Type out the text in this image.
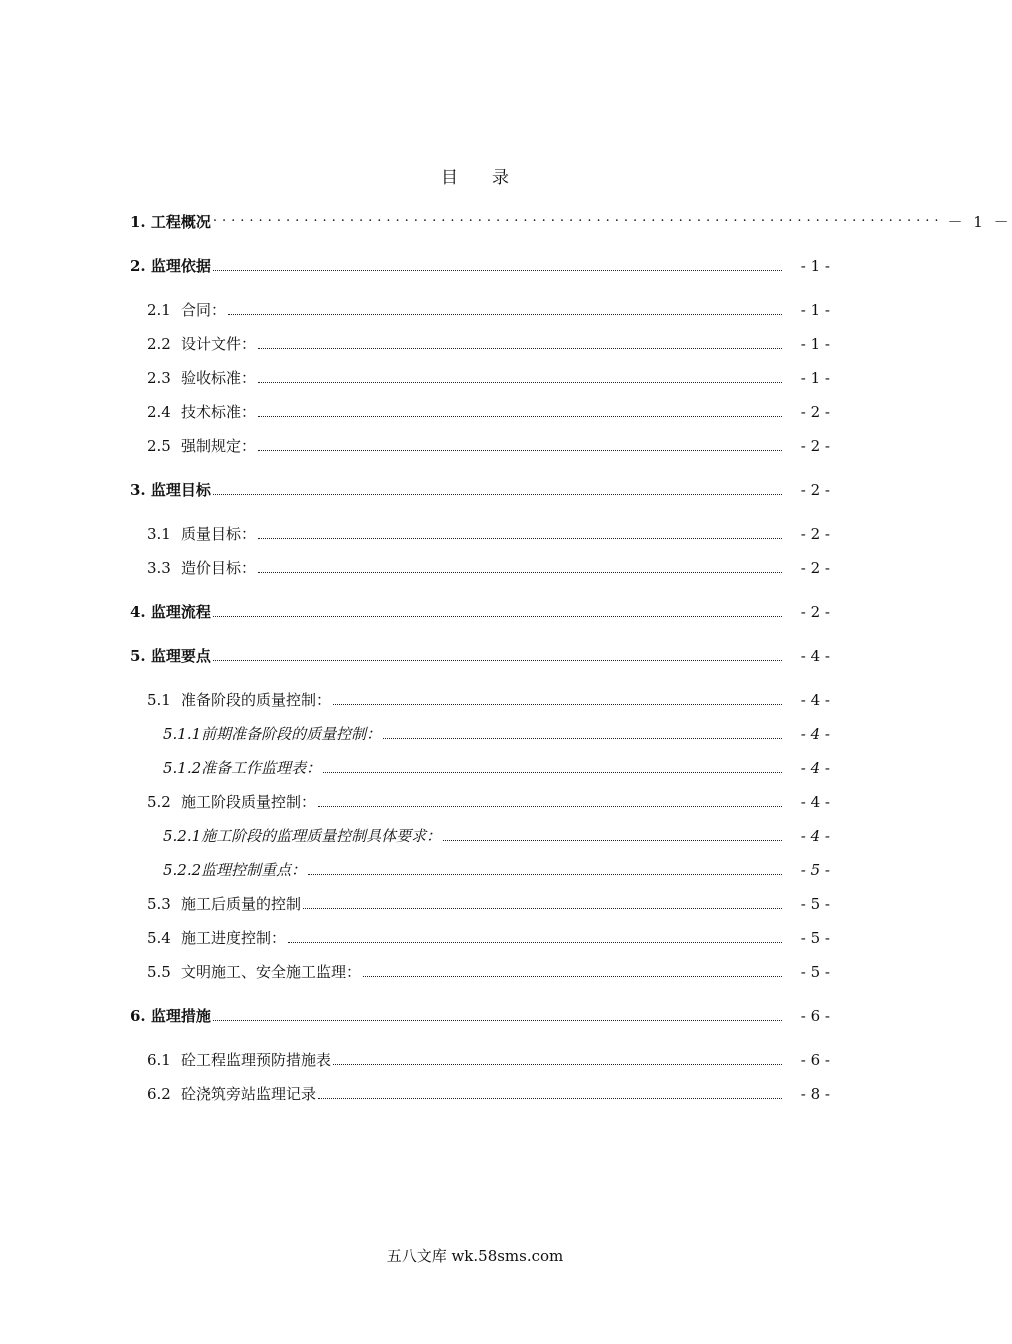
目 录
1. 工程概况 ................................................................................ － 1 －
2. 监理依据	- 1 -
2.1 合同：	- 1 -
2.2 设计文件：	- 1 -
2.3 验收标准：	- 1 -
2.4 技术标准：	- 2 -
2.5 强制规定：	- 2 -
3. 监理目标	- 2 -
3.1 质量目标：	- 2 -
3.3 造价目标：	- 2 -
4. 监理流程	- 2 -
5. 监理要点	- 4 -
5.1 准备阶段的质量控制：	- 4 -
5.1.1前期准备阶段的质量控制：	- 4 -
5.1.2准备工作监理表：	- 4 -
5.2 施工阶段质量控制：	- 4 -
5.2.1施工阶段的监理质量控制具体要求：	- 4 -
5.2.2监理控制重点：	- 5 -
5.3 施工后质量的控制	- 5 -
5.4 施工进度控制：	- 5 -
5.5 文明施工、安全施工监理：	- 5 -
6. 监理措施	- 6 -
6.1 砼工程监理预防措施表	- 6 -
6.2 砼浇筑旁站监理记录	- 8 -
五八文库 wk.58sms.com
